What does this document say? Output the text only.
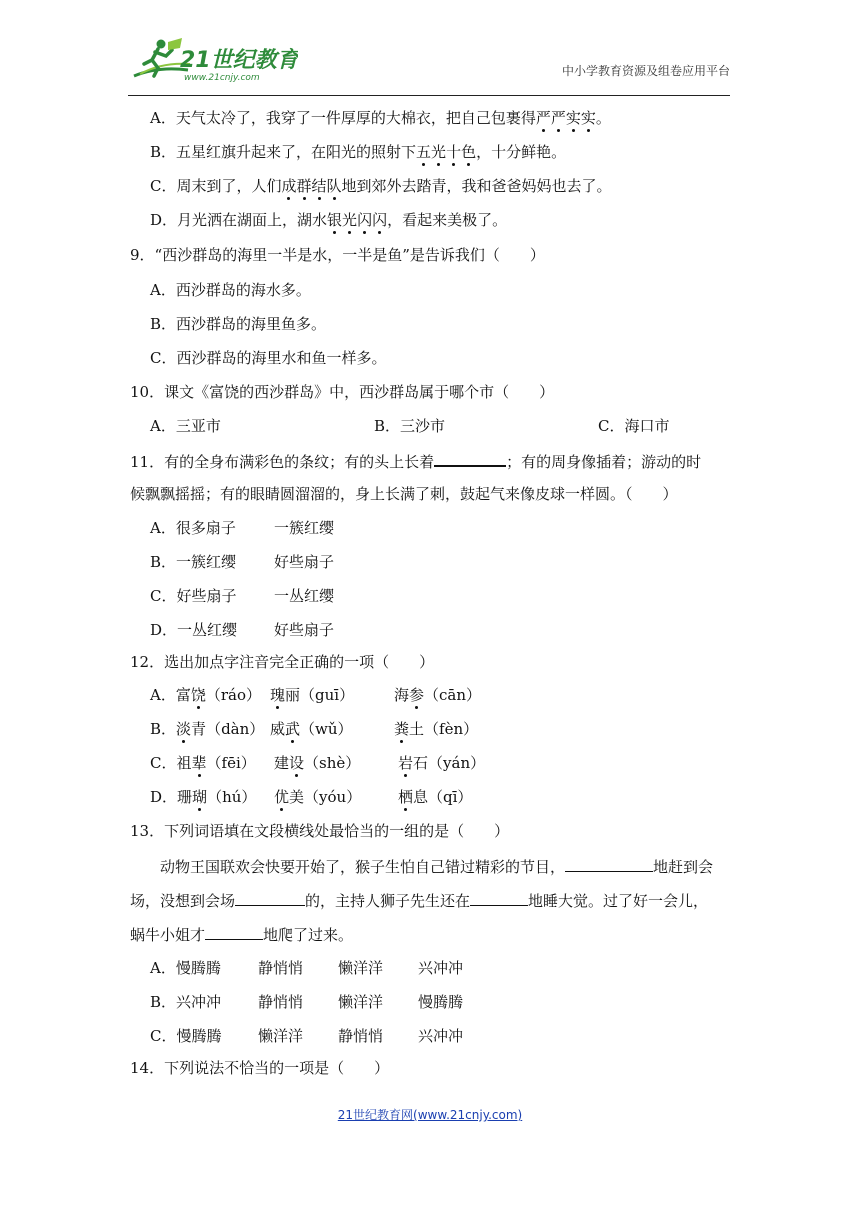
21世纪教育
www.21cnjy.com	中小学教育资源及组卷应用平台
A．天气太冷了，我穿了一件厚厚的大棉衣，把自己包裹得严严实实。
B．五星红旗升起来了，在阳光的照射下五光十色，十分鲜艳。
C．周末到了，人们成群结队地到郊外去踏青，我和爸爸妈妈也去了。
D．月光洒在湖面上，湖水银光闪闪，看起来美极了。
9．“西沙群岛的海里一半是水，一半是鱼”是告诉我们（　　）
A．西沙群岛的海水多。
B．西沙群岛的海里鱼多。
C．西沙群岛的海里水和鱼一样多。
10．课文《富饶的西沙群岛》中，西沙群岛属于哪个市（　　）
A．三亚市	B．三沙市	C．海口市
11．有的全身布满彩色的条纹；有的头上长着	；有的周身像插着；游动的时
候飘飘摇摇；有的眼睛圆溜溜的，身上长满了刺，鼓起气来像皮球一样圆。（　　）
A．很多扇子	一簇红缨
B．一簇红缨	好些扇子
C．好些扇子	一丛红缨
D．一丛红缨 好些扇子
12．选出加点字注音完全正确的一项（　　）
A．富饶（ráo） 瑰丽（guī）	海参（cān）
B．淡青（dàn） 威武（wǔ）	粪土（fèn）
C．祖辈（fēi） 建设（shè）	岩石（yán）
D．珊瑚（hú） 优美（yóu） 栖息（qī）
13．下列词语填在文段横线处最恰当的一组的是（　　）
动物王国联欢会快要开始了，猴子生怕自己错过精彩的节目，	地赶到会
场，没想到会场	的，主持人狮子先生还在	地睡大觉。过了好一会儿，
蜗牛小姐才	地爬了过来。
A．慢腾腾 静悄悄 懒洋洋 兴冲冲
B．兴冲冲 静悄悄 懒洋洋 慢腾腾
C．慢腾腾 懒洋洋 静悄悄 兴冲冲
14．下列说法不恰当的一项是（　　）
21世纪教育网(www.21cnjy.com)
